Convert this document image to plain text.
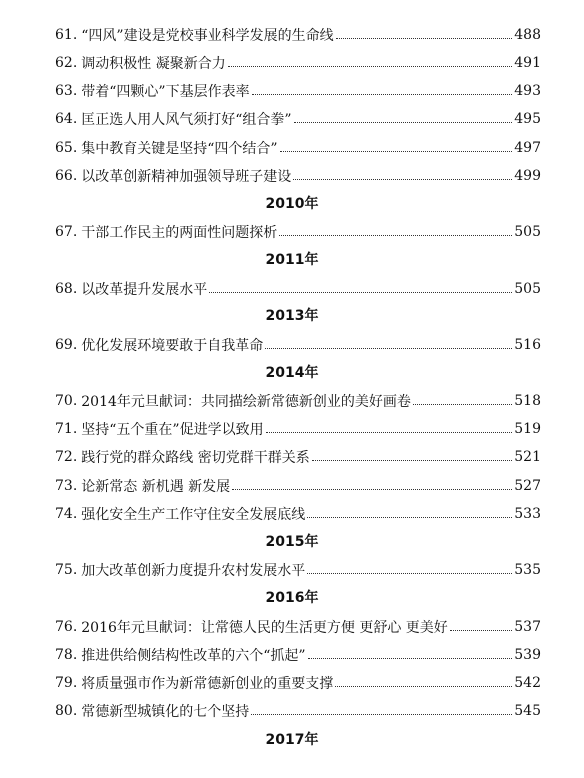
61. “四风”建设是党校事业科学发展的生命线	488
62. 调动积极性 凝聚新合力	491
63. 带着“四颗心”下基层作表率	493
64. 匡正选人用人风气须打好“组合拳”	495
65. 集中教育关键是坚持“四个结合”	497
66. 以改革创新精神加强领导班子建设	499
2010年
67. 干部工作民主的两面性问题探析	505
2011年
68. 以改革提升发展水平	505
2013年
69. 优化发展环境要敢于自我革命	516
2014年
70. 2014年元旦献词：共同描绘新常德新创业的美好画卷	518
71. 坚持“五个重在”促进学以致用	519
72. 践行党的群众路线 密切党群干群关系	521
73. 论新常态 新机遇 新发展	527
74. 强化安全生产工作守住安全发展底线	533
2015年
75. 加大改革创新力度提升农村发展水平	535
2016年
76. 2016年元旦献词：让常德人民的生活更方便 更舒心 更美好	537
78. 推进供给侧结构性改革的六个“抓起”	539
79. 将质量强市作为新常德新创业的重要支撑	542
80. 常德新型城镇化的七个坚持	545
2017年
